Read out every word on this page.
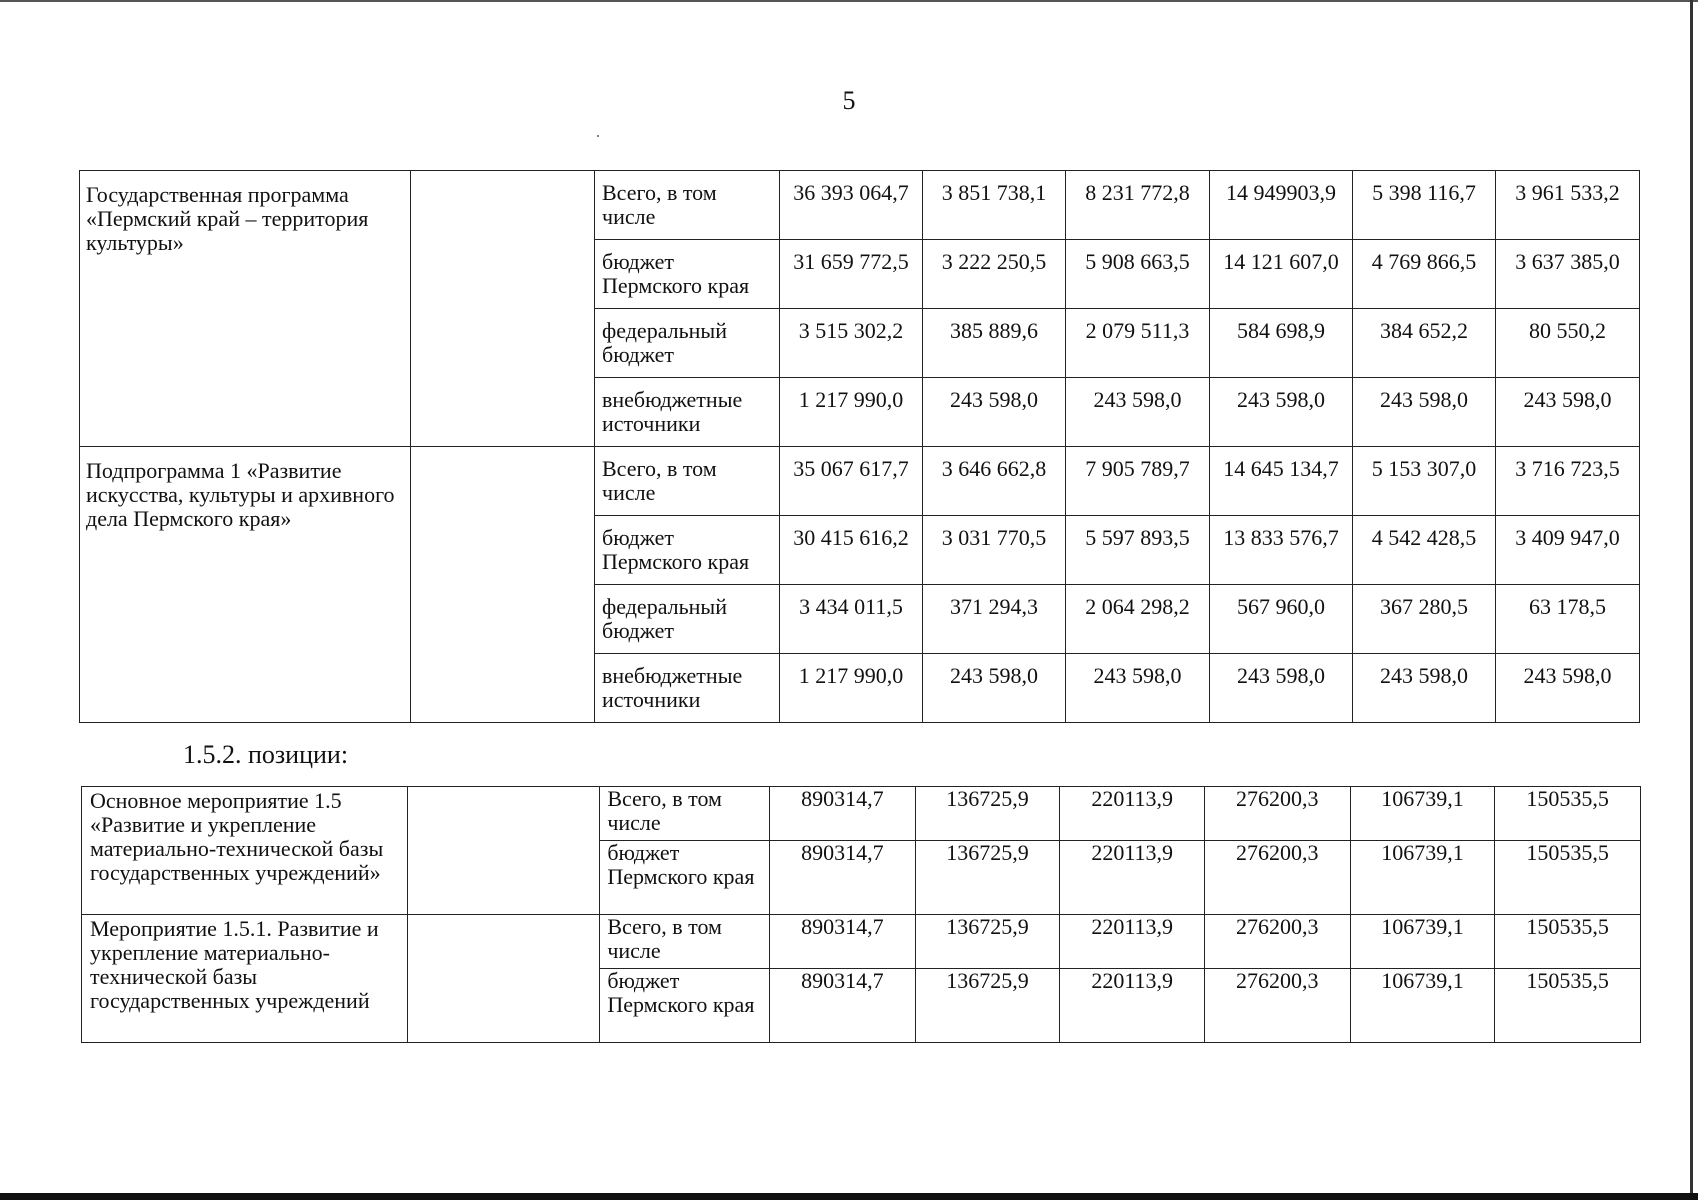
5
Государственная программа «Пермский край – территория культуры»		Всего, в том числе	36 393 064,7	3 851 738,1	8 231 772,8	14 949903,9	5 398 116,7	3 961 533,2
		бюджет Пермского края	31 659 772,5	3 222 250,5	5 908 663,5	14 121 607,0	4 769 866,5	3 637 385,0
		федеральный бюджет	3 515 302,2	385 889,6	2 079 511,3	584 698,9	384 652,2	80 550,2
		внебюджетные источники	1 217 990,0	243 598,0	243 598,0	243 598,0	243 598,0	243 598,0
Подпрограмма 1 «Развитие искусства, культуры и архивного дела Пермского края»		Всего, в том числе	35 067 617,7	3 646 662,8	7 905 789,7	14 645 134,7	5 153 307,0	3 716 723,5
		бюджет Пермского края	30 415 616,2	3 031 770,5	5 597 893,5	13 833 576,7	4 542 428,5	3 409 947,0
		федеральный бюджет	3 434 011,5	371 294,3	2 064 298,2	567 960,0	367 280,5	63 178,5
		внебюджетные источники	1 217 990,0	243 598,0	243 598,0	243 598,0	243 598,0	243 598,0
1.5.2. позиции:
Основное мероприятие 1.5 «Развитие и укрепление материально-технической базы государственных учреждений»		Всего, в том числе	890314,7	136725,9	220113,9	276200,3	106739,1	150535,5
		бюджет Пермского края	890314,7	136725,9	220113,9	276200,3	106739,1	150535,5
Мероприятие 1.5.1. Развитие и укрепление материально-технической базы государственных учреждений		Всего, в том числе	890314,7	136725,9	220113,9	276200,3	106739,1	150535,5
		бюджет Пермского края	890314,7	136725,9	220113,9	276200,3	106739,1	150535,5
